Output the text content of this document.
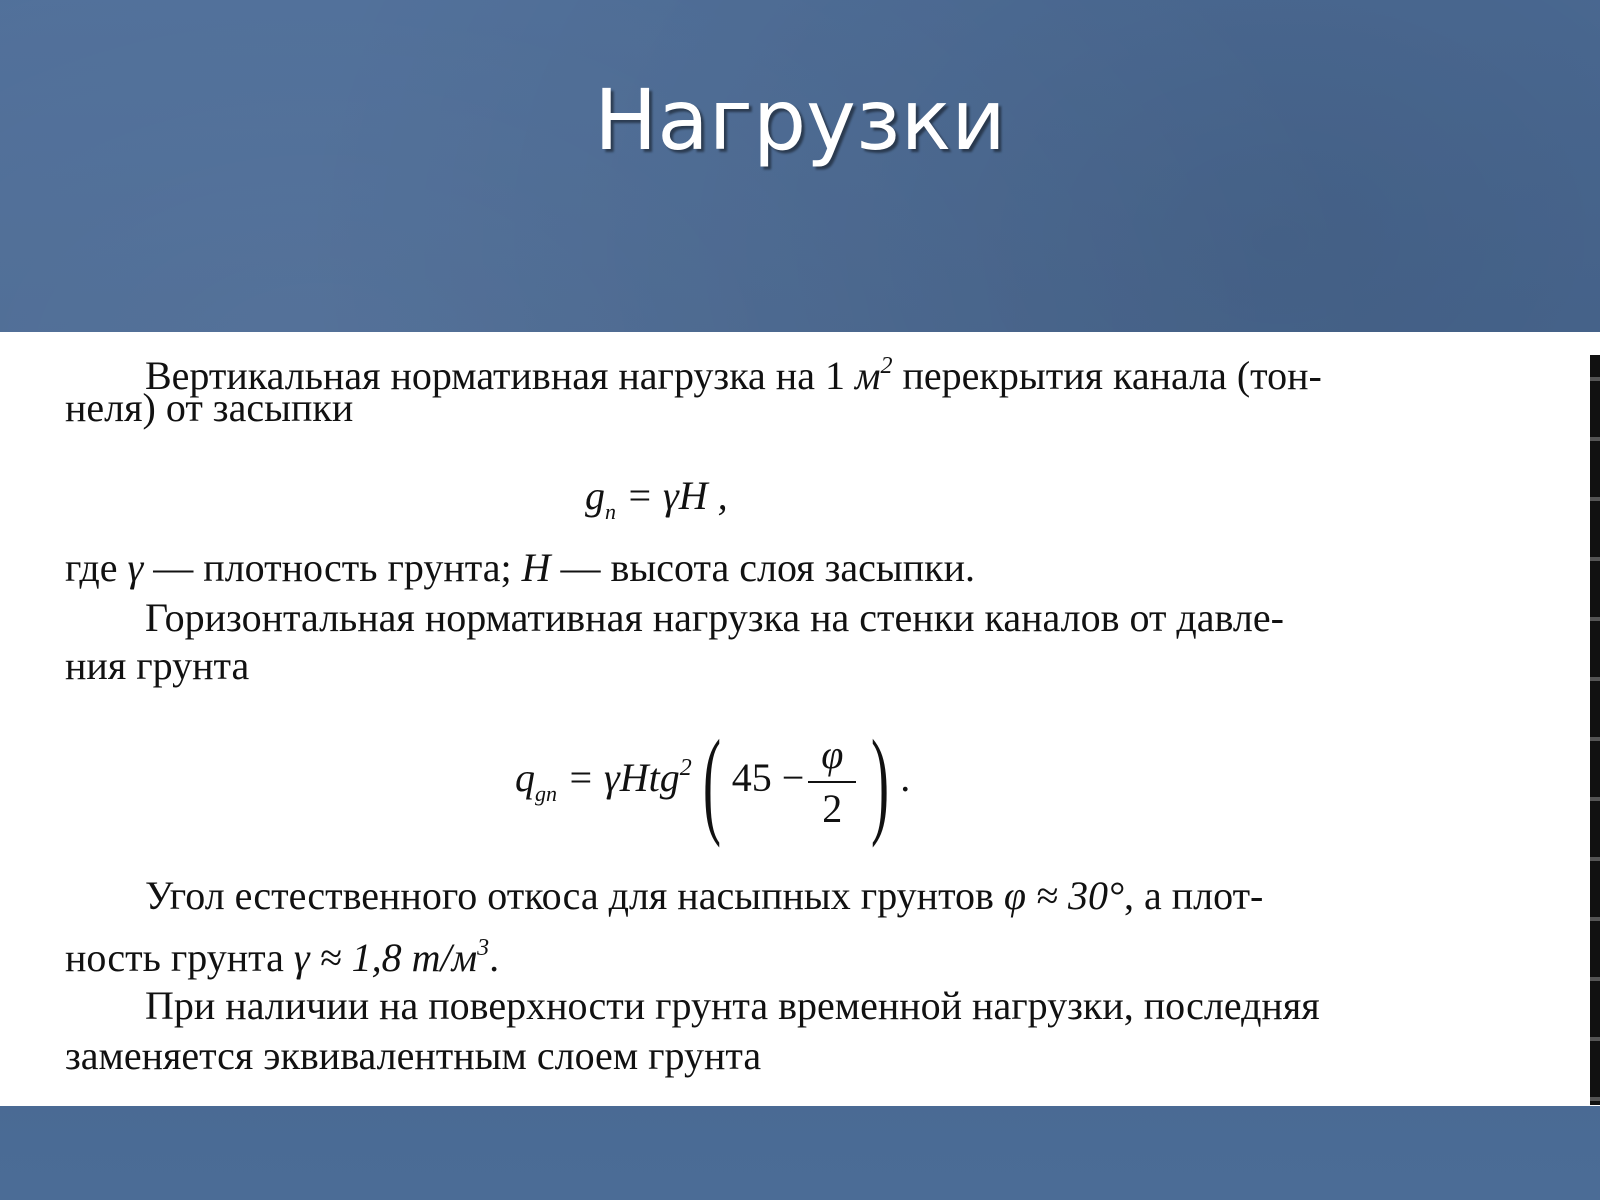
Нагрузки
Вертикальная нормативная нагрузка на 1 $м^2$ перекрытия канала (тон-
неля) от засыпки
$g_n = \gamma H$ ,
где γ — плотность грунта; H — высота слоя засыпки.
Горизонтальная нормативная нагрузка на стенки каналов от давле-
ния грунта
$q_{gn} = \gamma Htg^2$( $45 - \frac{\varphi}{2}$ ) .
Угол естественного откоса для насыпных грунтов φ ≈ 30°, а плот-
ность грунта γ ≈ 1,8 $т/м^3$.
При наличии на поверхности грунта временной нагрузки, последняя
заменяется эквивалентным слоем грунта
